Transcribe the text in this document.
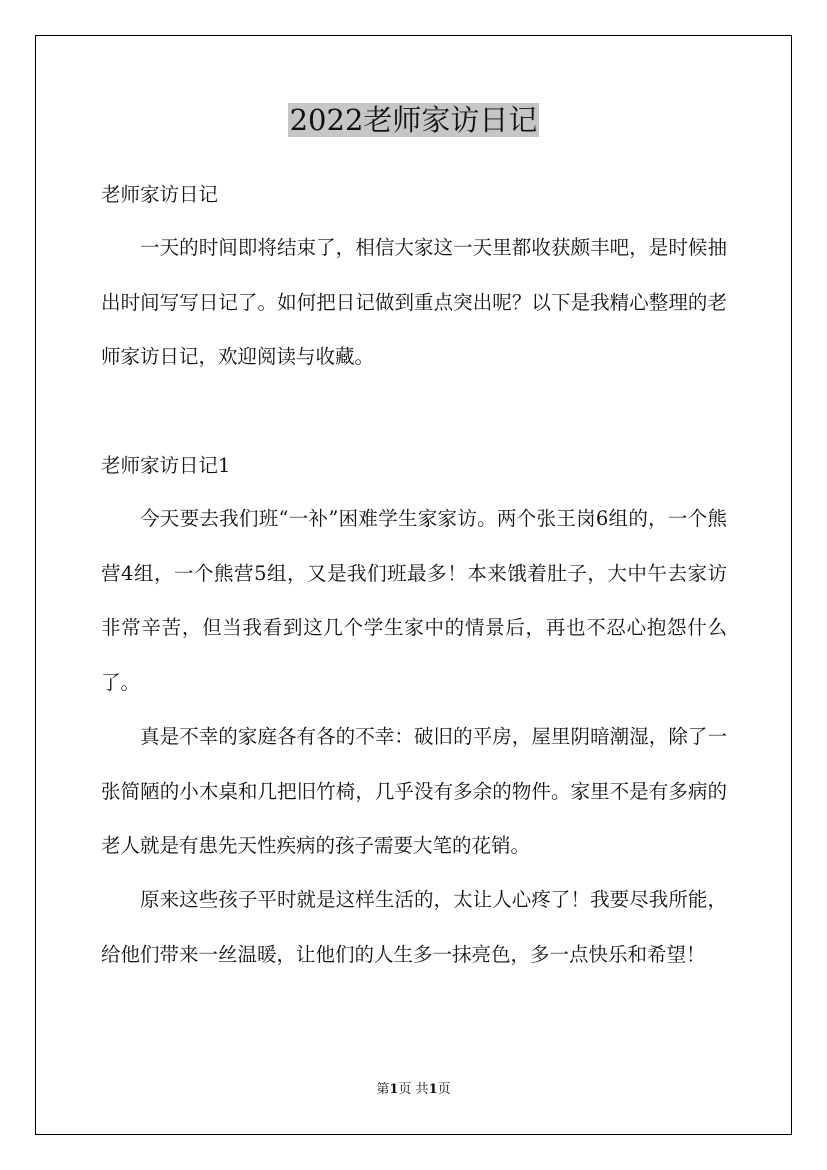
2022老师家访日记
老师家访日记
一天的时间即将结束了，相信大家这一天里都收获颇丰吧，是时候抽出时间写写日记了。如何把日记做到重点突出呢？以下是我精心整理的老师家访日记，欢迎阅读与收藏。
老师家访日记1
今天要去我们班“一补”困难学生家家访。两个张王岗6组的，一个熊营4组，一个熊营5组，又是我们班最多！本来饿着肚子，大中午去家访非常辛苦，但当我看到这几个学生家中的情景后，再也不忍心抱怨什么了。
真是不幸的家庭各有各的不幸：破旧的平房，屋里阴暗潮湿，除了一张简陋的小木桌和几把旧竹椅，几乎没有多余的物件。家里不是有多病的老人就是有患先天性疾病的孩子需要大笔的花销。
原来这些孩子平时就是这样生活的，太让人心疼了！我要尽我所能，给他们带来一丝温暖，让他们的人生多一抹亮色，多一点快乐和希望！
第1页 共1页
